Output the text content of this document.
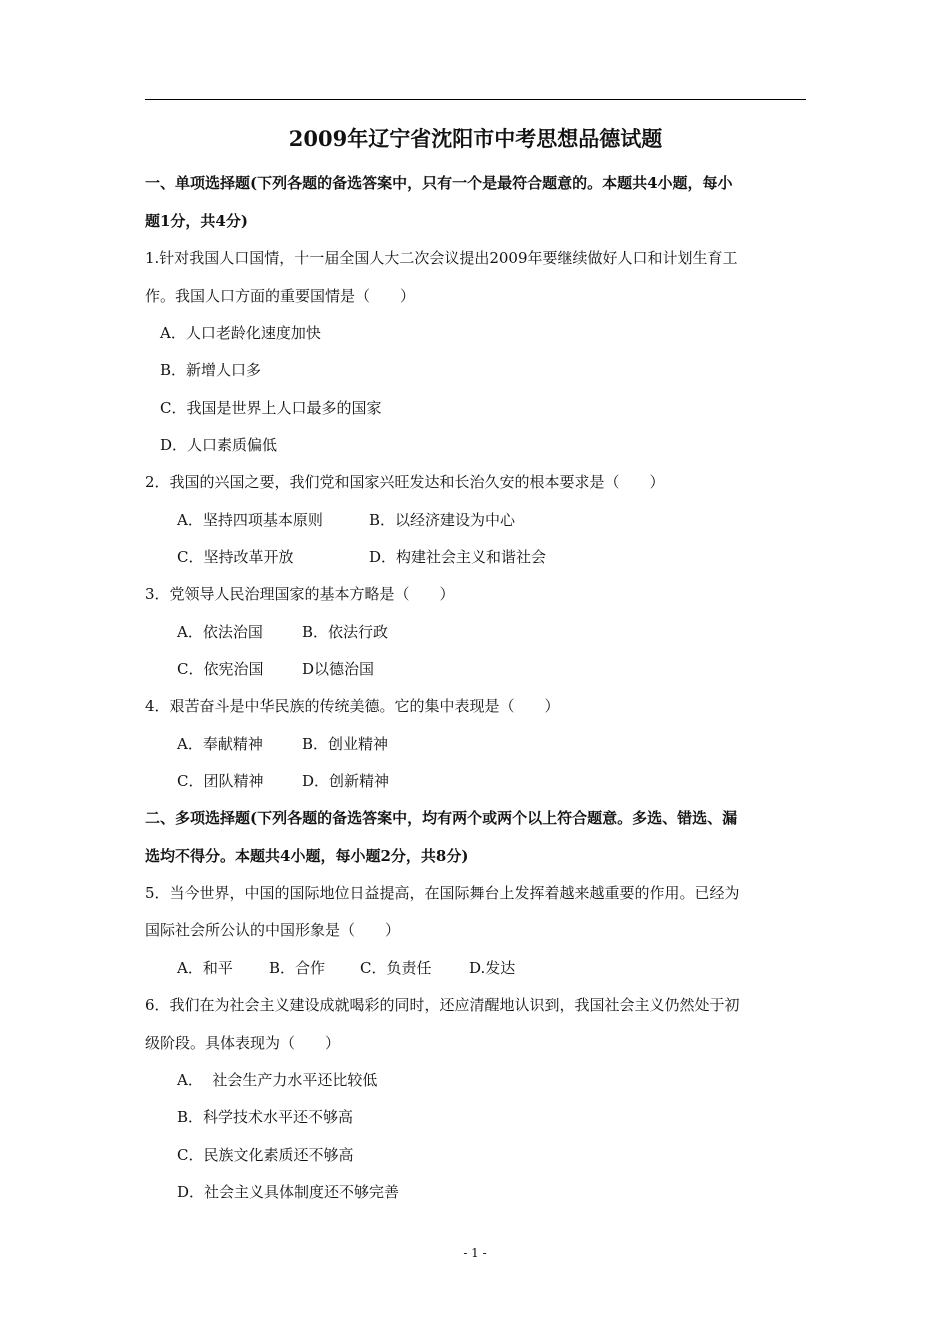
2009年辽宁省沈阳市中考思想品德试题
一、单项选择题(下列各题的备选答案中，只有一个是最符合题意的。本题共4小题，每小
题1分，共4分)
1.针对我国人口国情，十一届全国人大二次会议提出2009年要继续做好人口和计划生育工
作。我国人口方面的重要国情是（　　）
A．人口老龄化速度加快
B．新增人口多
C．我国是世界上人口最多的国家
D．人口素质偏低
2．我国的兴国之要，我们党和国家兴旺发达和长治久安的根本要求是（　　）
A．坚持四项基本原则	B．以经济建设为中心
C．坚持改革开放	D．构建社会主义和谐社会
3．党领导人民治理国家的基本方略是（　　）
A．依法治国	B．依法行政
C．依宪治国	D以德治国
4．艰苦奋斗是中华民族的传统美德。它的集中表现是（　　）
A．奉献精神	B．创业精神
C．团队精神	D．创新精神
二、多项选择题(下列各题的备选答案中，均有两个或两个以上符合题意。多选、错选、漏
选均不得分。本题共4小题，每小题2分，共8分)
5．当今世界，中国的国际地位日益提高，在国际舞台上发挥着越来越重要的作用。已经为
国际社会所公认的中国形象是（　　）
A．和平 B．合作 C．负责任	D.发达
6．我们在为社会主义建设成就喝彩的同时，还应清醒地认识到，我国社会主义仍然处于初
级阶段。具体表现为（　　）
A．  社会生产力水平还比较低
B．科学技术水平还不够高
C．民族文化素质还不够高
D．社会主义具体制度还不够完善
- 1 -
